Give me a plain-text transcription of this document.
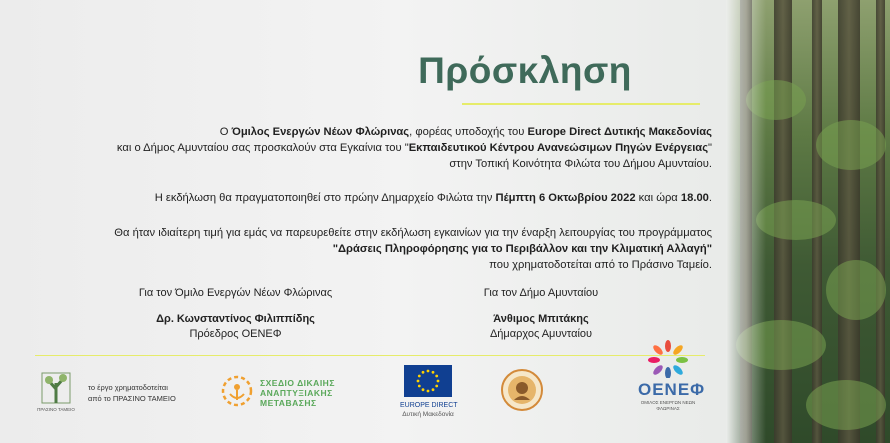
Πρόσκληση
Ο Όμιλος Ενεργών Νέων Φλώρινας, φορέας υποδοχής του Europe Direct Δυτικής Μακεδονίας
και ο Δήμος Αμυνταίου σας προσκαλούν στα Εγκαίνια του "Εκπαιδευτικού Κέντρου Ανανεώσιμων Πηγών Ενέργειας"
στην Τοπική Κοινότητα Φιλώτα του Δήμου Αμυνταίου.
Η εκδήλωση θα πραγματοποιηθεί στο πρώην Δημαρχείο Φιλώτα την Πέμπτη 6 Οκτωβρίου 2022 και ώρα 18.00.
Θα ήταν ιδιαίτερη τιμή για εμάς να παρευρεθείτε στην εκδήλωση εγκαινίων για την έναρξη λειτουργίας του προγράμματος
"Δράσεις Πληροφόρησης για το Περιβάλλον και την Κλιματική Αλλαγή"
που χρηματοδοτείται από το Πράσινο Ταμείο.
Για τον Όμιλο Ενεργών Νέων Φλώρινας
Δρ. Κωνσταντίνος Φιλιππίδης
Πρόεδρος ΟΕΝΕΦ
Για τον Δήμο Αμυνταίου
Άνθιμος Μπιτάκης
Δήμαρχος Αμυνταίου
ΠΡΑΣΙΝΟ ΤΑΜΕΙΟ
το έργο χρηματοδοτείται
από το ΠΡΑΣΙΝΟ ΤΑΜΕΙΟ
ΣΧΕΔΙΟ ΔΙΚΑΙΗΣ
ΑΝΑΠΤΥΞΙΑΚΗΣ
ΜΕΤΑΒΑΣΗΣ	EUROPE DIRECT
Δυτική Μακεδονία
ΟΕΝΕΦ
ΟΜΙΛΟΣ ΕΝΕΡΓΩΝ ΝΕΩΝ ΦΛΩΡΙΝΑΣ
